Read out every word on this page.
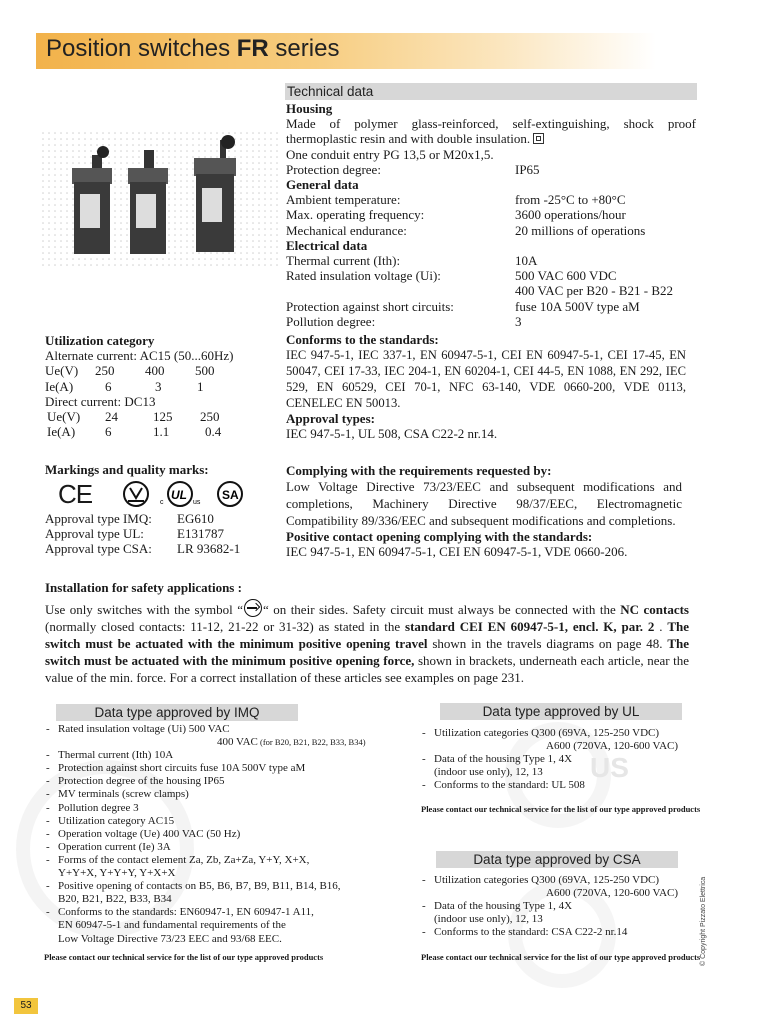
Position switches FR series
Technical data
Housing
Made of polymer glass-reinforced, self-extinguishing, shock proof thermoplastic resin and with double insulation.
One conduit entry PG 13,5 or M20x1,5.
Protection degree:	IP65
General data
Ambient temperature:	from -25°C to +80°C
Max. operating frequency:	3600 operations/hour
Mechanical endurance:	20 millions of operations
Electrical data
Thermal current (Ith):	10A
Rated insulation voltage (Ui):	500 VAC 600 VDC
400 VAC per B20 - B21 - B22
Protection against short circuits:	fuse 10A 500V type aM
Pollution degree:	3
Conforms to the standards:
IEC 947-5-1, IEC 337-1, EN 60947-5-1, CEI EN 60947-5-1, CEI 17-45, EN 50047, CEI 17-33, IEC 204-1, EN 60204-1, CEI 44-5, EN 1088, EN 292, IEC 529, EN 60529, CEI 70-1, NFC 63-140, VDE 0660-200, VDE 0113, CENELEC EN 50013.
Approval types:
IEC 947-5-1, UL 508, CSA C22-2 nr.14.
Complying with the requirements requested by:
Low Voltage Directive 73/23/EEC and subsequent modifications and completions, Machinery Directive 98/37/EEC, Electromagnetic Compatibility 89/336/EEC and subsequent modifications and completions.
Positive contact opening complying with the standards:
IEC 947-5-1, EN 60947-5-1, CEI EN 60947-5-1, VDE 0660-206.
Utilization category
Alternate current: AC15 (50...60Hz)
Ue(V)	250	400	500
Ie(A)	6	3	1
Direct current: DC13
Ue(V)	24	125	250
Ie(A)	6	1.1	0.4
Markings and quality marks:
CE	UL
c	us
SA
Approval type IMQ:	EG610
Approval type UL:	E131787
Approval type CSA:	LR 93682-1
Installation for safety applications :
Use only switches with the symbol “ “ on their sides. Safety circuit must always be connected with the NC contacts (normally closed contacts: 11-12, 21-22 or 31-32) as stated in the standard CEI EN 60947-5-1, encl. K, par. 2 . The switch must be actuated with the minimum positive opening travel shown in the travels diagrams on page 48. The switch must be actuated with the minimum positive opening force, shown in brackets, underneath each article, near the value of the min. force. For a correct installation of these articles see examples on page 231.
US
Data type approved by IMQ
- Rated insulation voltage (Ui) 500 VAC
400 VAC (for B20, B21, B22, B33, B34)
- Thermal current (Ith) 10A
- Protection against short circuits fuse 10A 500V type aM
- Protection degree of the housing IP65
- MV terminals (screw clamps)
- Pollution degree 3
- Utilization category AC15
- Operation voltage (Ue) 400 VAC (50 Hz)
- Operation current (Ie) 3A
- Forms of the contact element Za, Zb, Za+Za, Y+Y, X+X,
Y+Y+X, Y+Y+Y, Y+X+X
- Positive opening of contacts on B5, B6, B7, B9, B11, B14, B16,
B20, B21, B22, B33, B34
- Conforms to the standards: EN60947-1, EN 60947-1 A11,
EN 60947-5-1 and fundamental requirements of the
Low Voltage Directive 73/23 EEC and 93/68 EEC.
Please contact our technical service for the list of our type approved products
Data type approved by UL
- Utilization categories Q300 (69VA, 125-250 VDC)
A600 (720VA, 120-600 VAC)
- Data of the housing Type 1, 4X
(indoor use only), 12, 13
- Conforms to the standard: UL 508
Please contact our technical service for the list of our type approved products
Data type approved by CSA
- Utilization categories Q300 (69VA, 125-250 VDC)
A600 (720VA, 120-600 VAC)
- Data of the housing Type 1, 4X
(indoor use only), 12, 13
- Conforms to the standard: CSA C22-2 nr.14
Please contact our technical service for the list of our type approved products © Copyright Pizzato Elettrica
53
